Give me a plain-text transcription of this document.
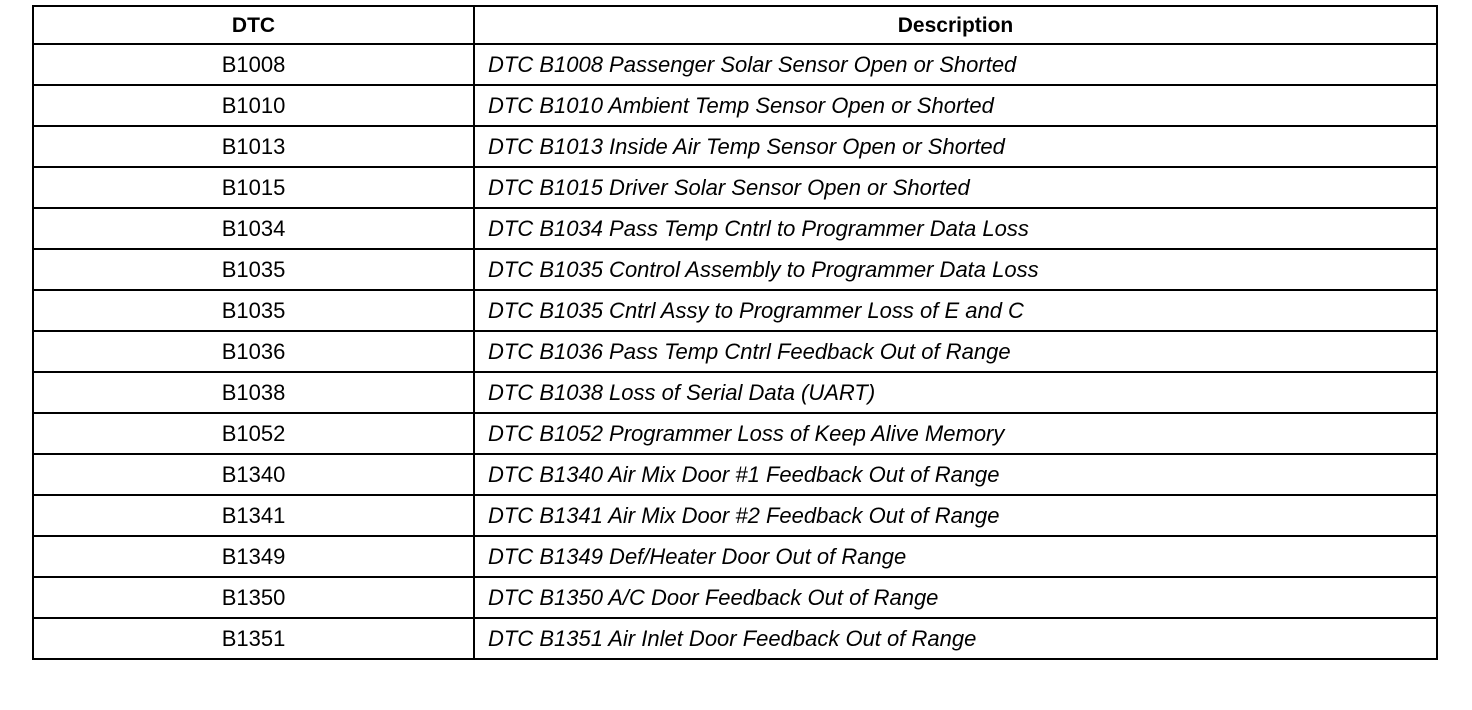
DTC	Description
B1008	DTC B1008 Passenger Solar Sensor Open or Shorted
B1010	DTC B1010 Ambient Temp Sensor Open or Shorted
B1013	DTC B1013 Inside Air Temp Sensor Open or Shorted
B1015	DTC B1015 Driver Solar Sensor Open or Shorted
B1034	DTC B1034 Pass Temp Cntrl to Programmer Data Loss
B1035	DTC B1035 Control Assembly to Programmer Data Loss
B1035	DTC B1035 Cntrl Assy to Programmer Loss of E and C
B1036	DTC B1036 Pass Temp Cntrl Feedback Out of Range
B1038	DTC B1038 Loss of Serial Data (UART)
B1052	DTC B1052 Programmer Loss of Keep Alive Memory
B1340	DTC B1340 Air Mix Door #1 Feedback Out of Range
B1341	DTC B1341 Air Mix Door #2 Feedback Out of Range
B1349	DTC B1349 Def/Heater Door Out of Range
B1350	DTC B1350 A/C Door Feedback Out of Range
B1351	DTC B1351 Air Inlet Door Feedback Out of Range
